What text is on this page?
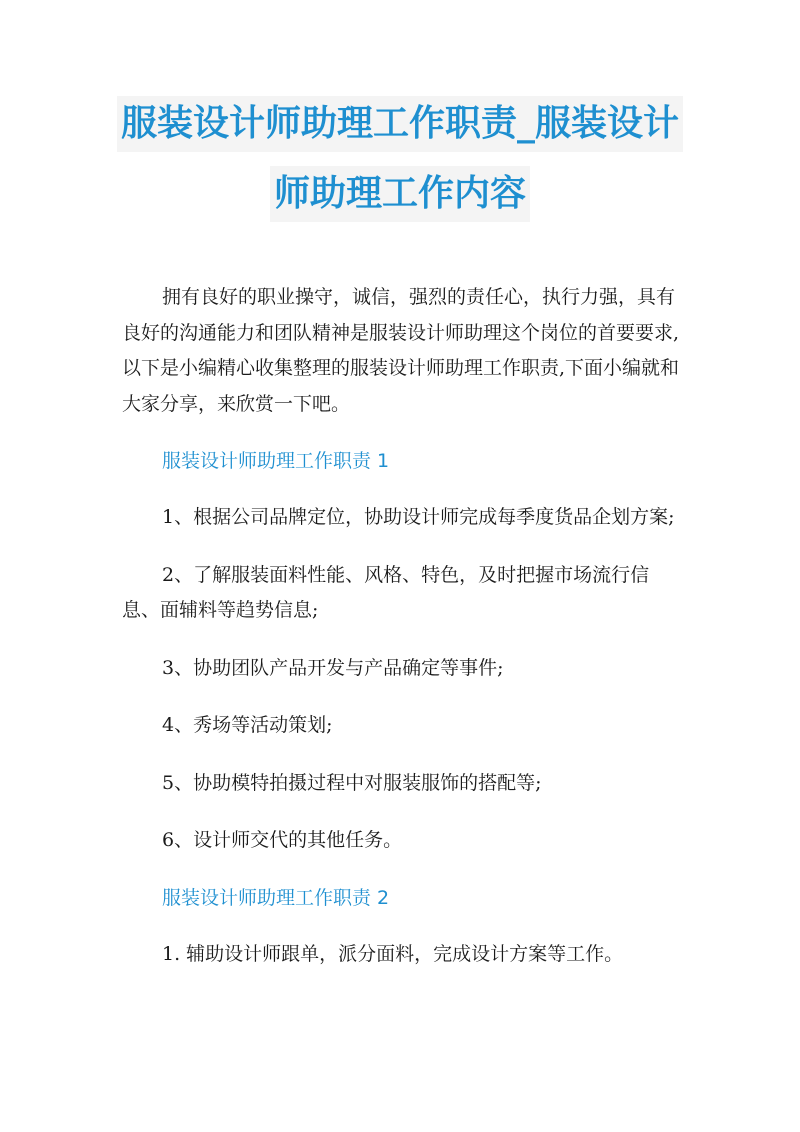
服装设计师助理工作职责_服装设计
师助理工作内容

拥有良好的职业操守，诚信，强烈的责任心，执行力强，具有良好的沟通能力和团队精神是服装设计师助理这个岗位的首要要求,以下是小编精心收集整理的服装设计师助理工作职责,下面小编就和大家分享，来欣赏一下吧。

服装设计师助理工作职责 1

1、根据公司品牌定位，协助设计师完成每季度货品企划方案;

2、了解服装面料性能、风格、特色，及时把握市场流行信息、面辅料等趋势信息;

3、协助团队产品开发与产品确定等事件;

4、秀场等活动策划;

5、协助模特拍摄过程中对服装服饰的搭配等;

6、设计师交代的其他任务。

服装设计师助理工作职责 2

1. 辅助设计师跟单，派分面料，完成设计方案等工作。
